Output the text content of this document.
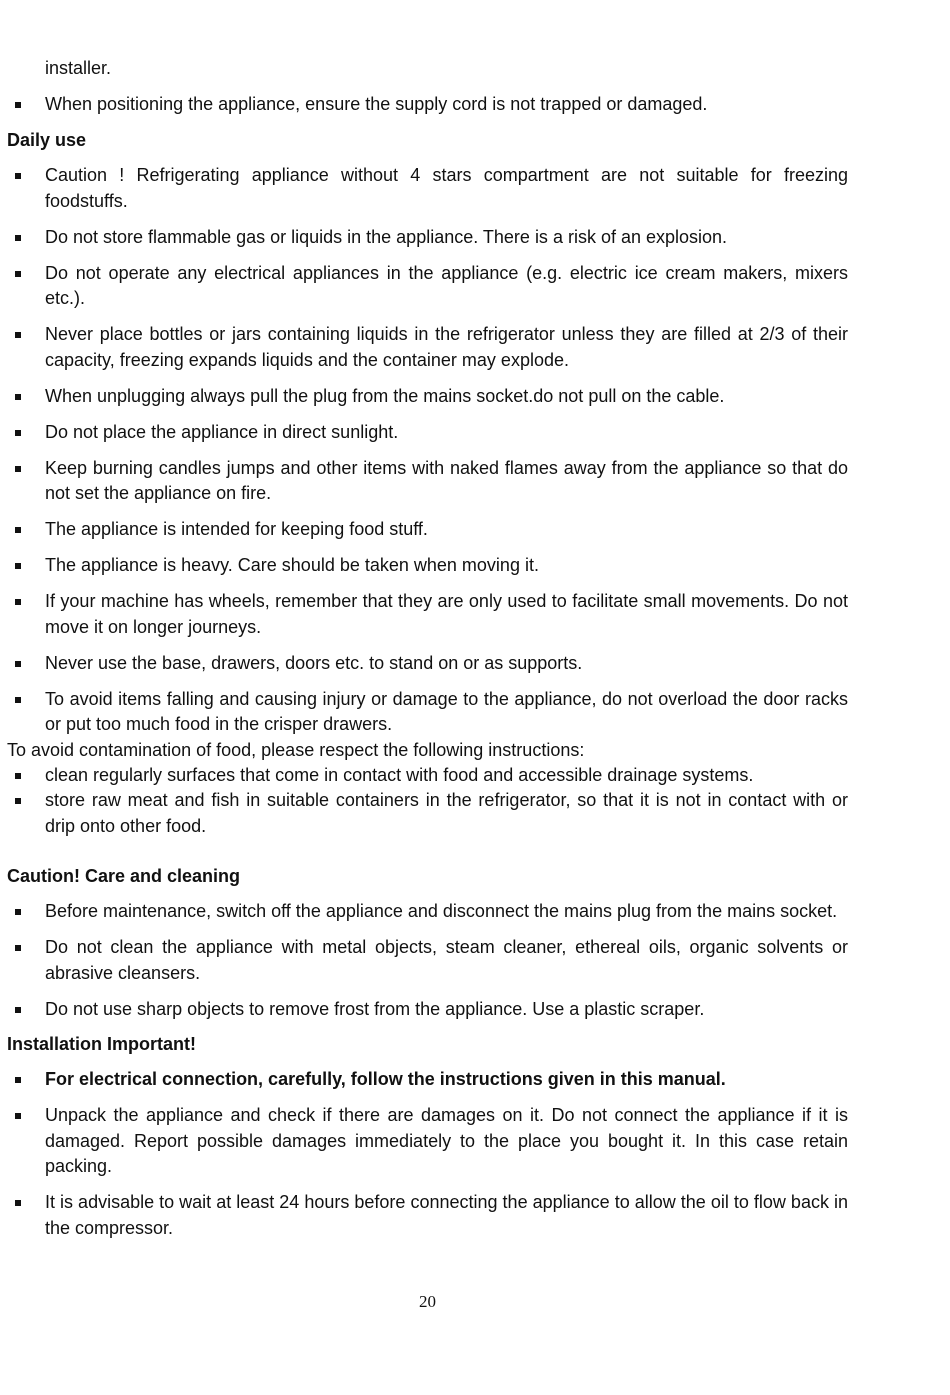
installer.
When positioning the appliance, ensure the supply cord is not trapped or damaged.
Daily use
Caution ! Refrigerating appliance without 4 stars compartment are not suitable for freezing foodstuffs.
Do not store flammable gas or liquids in the appliance. There is a risk of an explosion.
Do not operate any electrical appliances in the appliance (e.g. electric ice cream makers, mixers etc.).
Never place bottles or jars containing liquids in the refrigerator unless they are filled at 2/3 of their capacity, freezing expands liquids and the container may explode.
When unplugging always pull the plug from the mains socket.do not pull on the cable.
Do not place the appliance in direct sunlight.
Keep burning candles jumps and other items with naked flames away from the appliance so that do not set the appliance on fire.
The appliance is intended for keeping food stuff.
The appliance is heavy. Care should be taken when moving it.
If your machine has wheels, remember that they are only used to facilitate small movements. Do not move it on longer journeys.
Never use the base, drawers, doors etc. to stand on or as supports.
To avoid items falling and causing injury or damage to the appliance, do not overload the door racks or put too much food in the crisper drawers.

To avoid contamination of food, please respect the following instructions:

clean regularly surfaces that come in contact with food and accessible drainage systems.
store raw meat and fish in suitable containers in the refrigerator, so that it is not in contact with or drip onto other food.
Caution! Care and cleaning
Before maintenance, switch off the appliance and disconnect the mains plug from the mains socket.
Do not clean the appliance with metal objects, steam cleaner, ethereal oils, organic solvents or abrasive cleansers.
Do not use sharp objects to remove frost from the appliance. Use a plastic scraper.
Installation Important!
For electrical connection, carefully, follow the instructions given in this manual.
Unpack the appliance and check if there are damages on it. Do not connect the appliance if it is damaged. Report possible damages immediately to the place you bought it. In this case retain packing.
It is advisable to wait at least 24 hours before connecting the appliance to allow the oil to flow back in the compressor.
20
